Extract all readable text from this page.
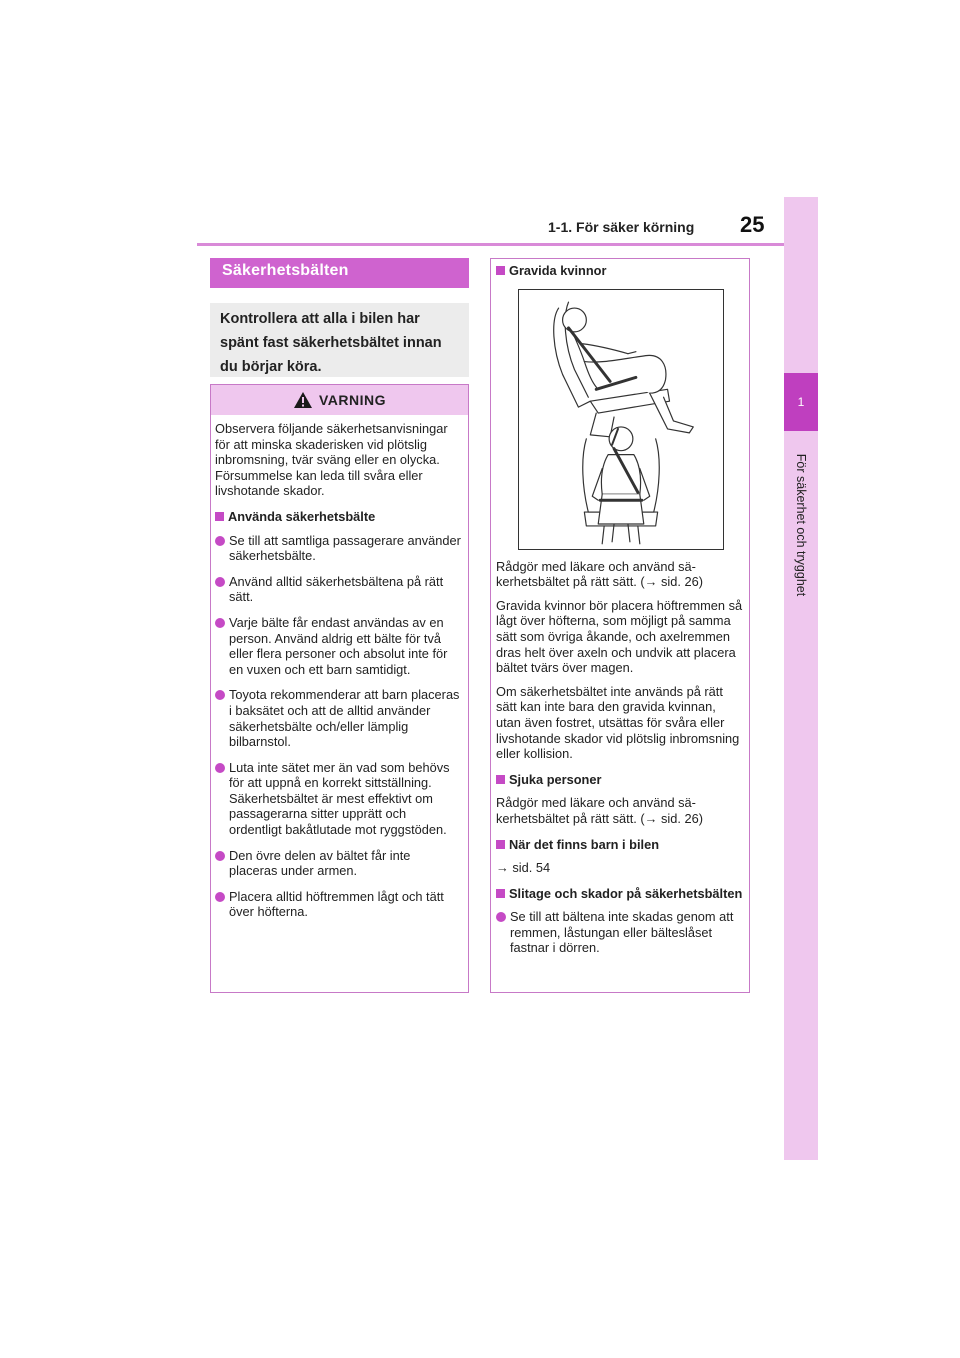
1-1. För säker körning 25
1
För säkerhet och trygghet
Säkerhetsbälten
Kontrollera att alla i bilen har spänt fast säkerhetsbältet innan du börjar köra.
VARNING

Observera följande säkerhetsanvisningar för att minska skaderisken vid plötslig inbromsning, tvär sväng eller en olycka. Försummelse kan leda till svåra eller livshotande skador.

Använda säkerhetsbälte

Se till att samtliga passagerare använder säkerhetsbälte.

Använd alltid säkerhetsbältena på rätt sätt.

Varje bälte får endast användas av en person. Använd aldrig ett bälte för två eller flera personer och absolut inte för en vuxen och ett barn samtidigt.

Toyota rekommenderar att barn placeras i baksätet och att de alltid använder säkerhetsbälte och/eller lämplig bilbarnstol.

Luta inte sätet mer än vad som behövs för att uppnå en korrekt sittställning. Säkerhetsbältet är mest effektivt om passagerarna sitter upprätt och ordentligt bakåtlutade mot ryggstöden.

Den övre delen av bältet får inte placeras under armen.

Placera alltid höftremmen lågt och tätt över höfterna.

Gravida kvinnor

Rådgör med läkare och använd säkerhetsbältet på rätt sätt. (→ sid. 26)

Gravida kvinnor bör placera höftremmen så lågt över höfterna, som möjligt på samma sätt som övriga åkande, och axelremmen dras helt över axeln och undvik att placera bältet tvärs över magen.

Om säkerhetsbältet inte används på rätt sätt kan inte bara den gravida kvinnan, utan även fostret, utsättas för svåra eller livshotande skador vid plötslig inbromsning eller kollision.

Sjuka personer

Rådgör med läkare och använd säkerhetsbältet på rätt sätt. (→ sid. 26)

När det finns barn i bilen

→ sid. 54

Slitage och skador på säkerhetsbälten

Se till att bältena inte skadas genom att remmen, låstungan eller bälteslåset fastnar i dörren.
